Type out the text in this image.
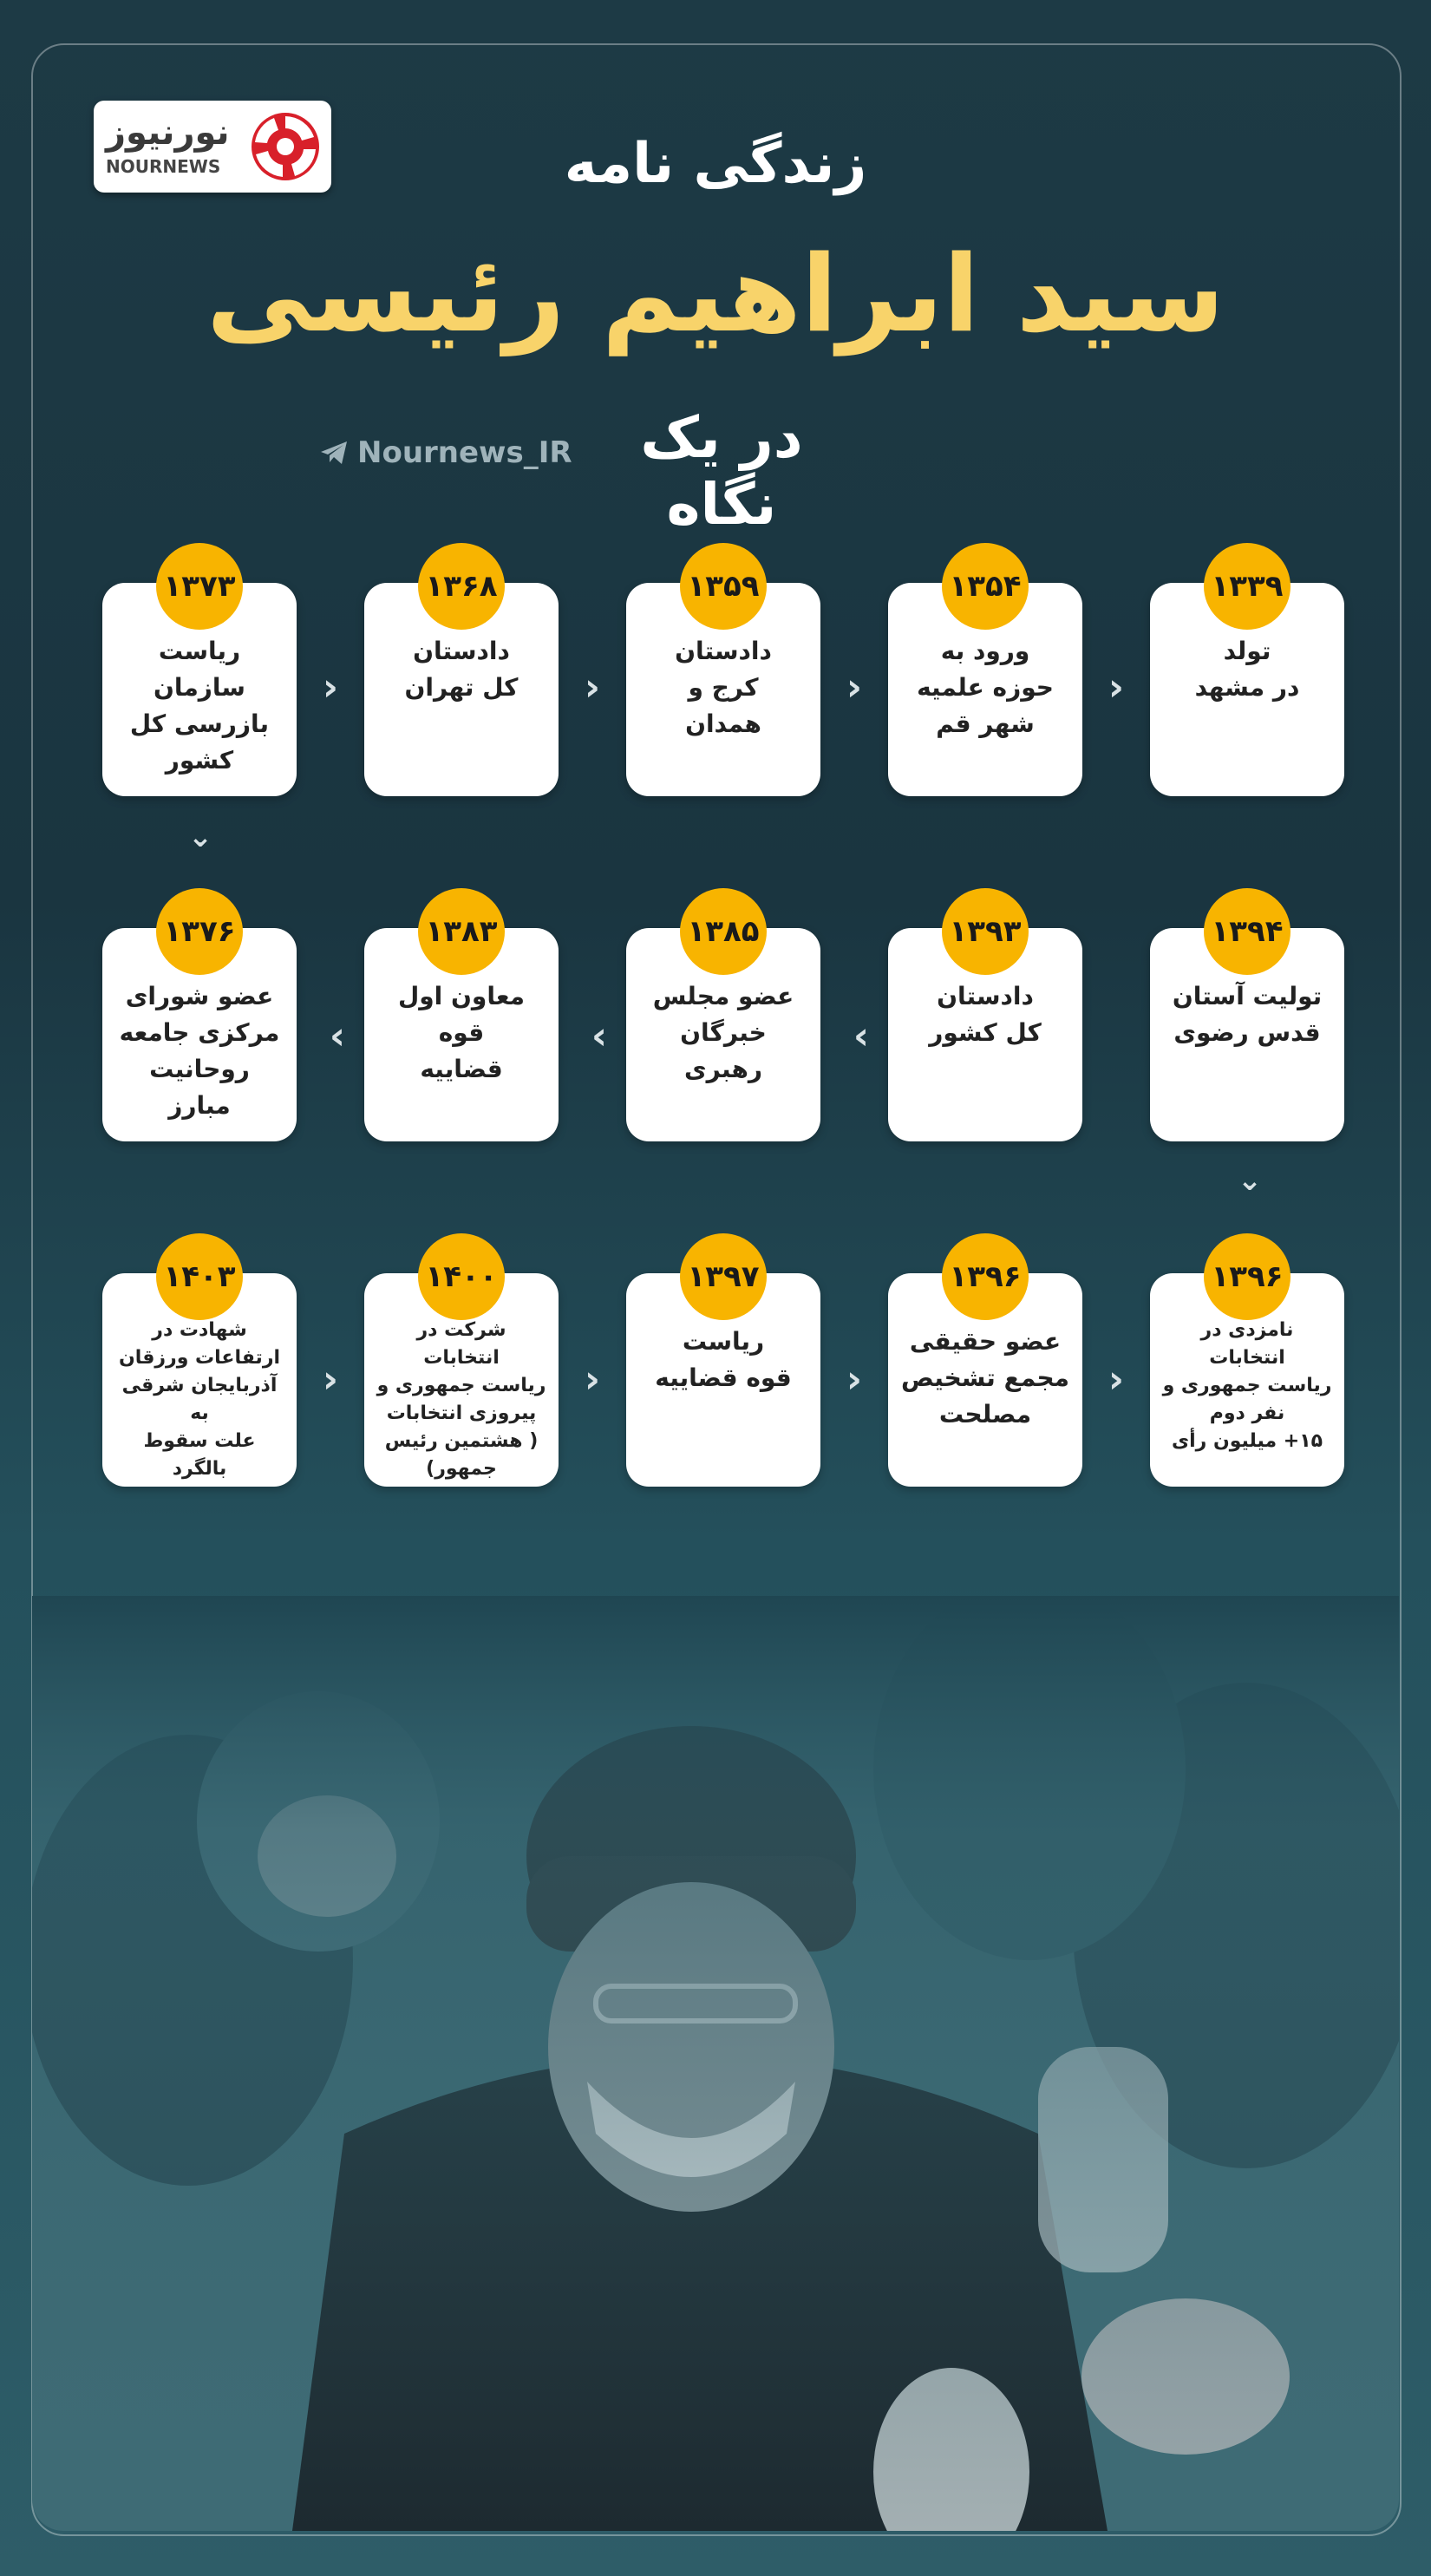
نورنیوز
NOURNEWS	زندگی نامه
سید ابراهیم رئیسی
در یک نگاه
Nournews_IR
۱۳۳۹
تولد
در مشهد
۱۳۵۴
ورود به
حوزه علمیه
شهر قم
۱۳۵۹
دادستان
کرج و
همدان
۱۳۶۸
دادستان
کل تهران
۱۳۷۳
ریاست سازمان
بازرسی کل
کشور
‹
‹
‹
‹
⌄
۱۳۹۴
تولیت آستان
قدس رضوی
۱۳۹۳
دادستان
کل کشور
۱۳۸۵
عضو مجلس
خبرگان رهبری
۱۳۸۳
معاون اول قوه
قضاییه
۱۳۷۶
عضو شورای
مرکزی جامعه
روحانیت مبارز
›
›
›
⌄
۱۳۹۶
نامزدی در انتخابات
ریاست جمهوری و
نفر دوم
۱۵+ میلیون رأی
۱۳۹۶
عضو حقیقی
مجمع تشخیص
مصلحت
۱۳۹۷
ریاست
قوه قضاییه
۱۴۰۰
شرکت در انتخابات
ریاست جمهوری و
پیروزی انتخابات
( هشتمین رئیس
جمهور)
۱۴۰۳
شهادت در
ارتفاعات ورزقان
آذربایجان شرقی به
علت سقوط بالگرد
‹
‹
‹
‹
